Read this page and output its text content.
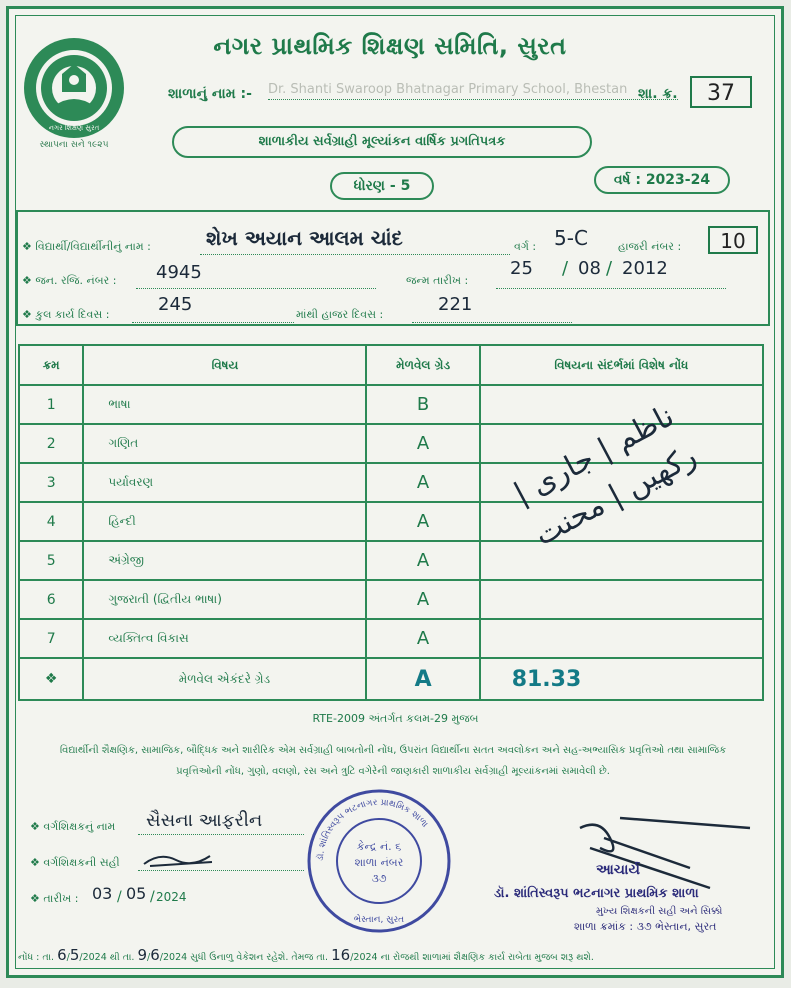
નગર શિક્ષણ સુરત
સ્થાપના સને ૧૯૨૫
નગર પ્રાથમિક શિક્ષણ સમિતિ, સુરત
શાળાનું નામ :- Dr. Shanti Swaroop Bhatnagar Primary School, Bhestan શા. ક્ર.	37
શાળાકીય સર્વગ્રાહી મૂલ્યાંકન વાર્ષિક પ્રગતિપત્રક
ધોરણ - 5	વર્ષ : 2023-24
❖ વિદ્યાર્થી/વિદ્યાર્થીનીનું નામ :	શેખ અયાન આલમ ચાંદ	વર્ગ : 5-C	હાજરી નંબર :	10
❖ જન. રજિ. નંબર : 4945	જન્મ તારીખ :
25 / 08 / 2012
❖ કુલ કાર્ય દિવસ :	245	માંથી હાજર દિવસ :	221
ક્રમ	વિષય	મેળવેલ ગ્રેડ	વિષયના સંદર્ભમાં વિશેષ નોંધ
1	ભાષા	B	
2	ગણિત	A	
3	પર્યાવરણ	A	
4	હિન્દી	A	
5	અંગ્રેજી	A	
6	ગુજરાતી (દ્વિતીય ભાષા)	A	
7	વ્યક્તિત્વ વિકાસ	A	
❖	મેળવેલ એકંદરે ગ્રેડ	A	81.33
ناظم | جاری | رکھیں | محنت
RTE-2009 અંતર્ગત કલમ-29 મુજબ
વિદ્યાર્થીની શૈક્ષણિક, સામાજિક, બૌદ્ધિક અને શારીરિક એમ સર્વગ્રાહી બાબતોની નોંધ, ઉપરાંત વિદ્યાર્થીના સતત અવલોકન અને સહ-અભ્યાસિક પ્રવૃત્તિઓ તથા સામાજિક પ્રવૃત્તિઓની નોંધ, ગુણો, વલણો, રસ અને ત્રુટિ વગેરેની જાણકારી શાળાકીય સર્વગ્રાહી મૂલ્યાંકનમાં સમાવેલી છે.
❖ વર્ગશિક્ષકનું નામ સૈસના આફરીન
❖ વર્ગશિક્ષકની સહી
❖ તારીખ : 03 / 05 / 2024
ડૉ. શાંતિસ્વરૂપ ભટનાગર પ્રાથમિક શાળા
કેન્દ્ર નં. ૬
શાળા નંબર
૩૭
ભેસ્તાન, સુરત
આચાર્ય
ડૉ. શાંતિસ્વરૂપ ભટનાગર પ્રાથમિક શાળા
મુખ્ય શિક્ષકની સહી અને સિક્કો
શાળા ક્રમાંક : ૩૭ ભેસ્તાન, સુરત
નોંધ : તા. 6/5/2024 થી તા. 9/6/2024 સુધી ઉનાળુ વેકેશન રહેશે. તેમજ તા. 16/2024 ના રોજથી શાળામાં શૈક્ષણિક કાર્ય રાબેતા મુજબ શરૂ થશે.
